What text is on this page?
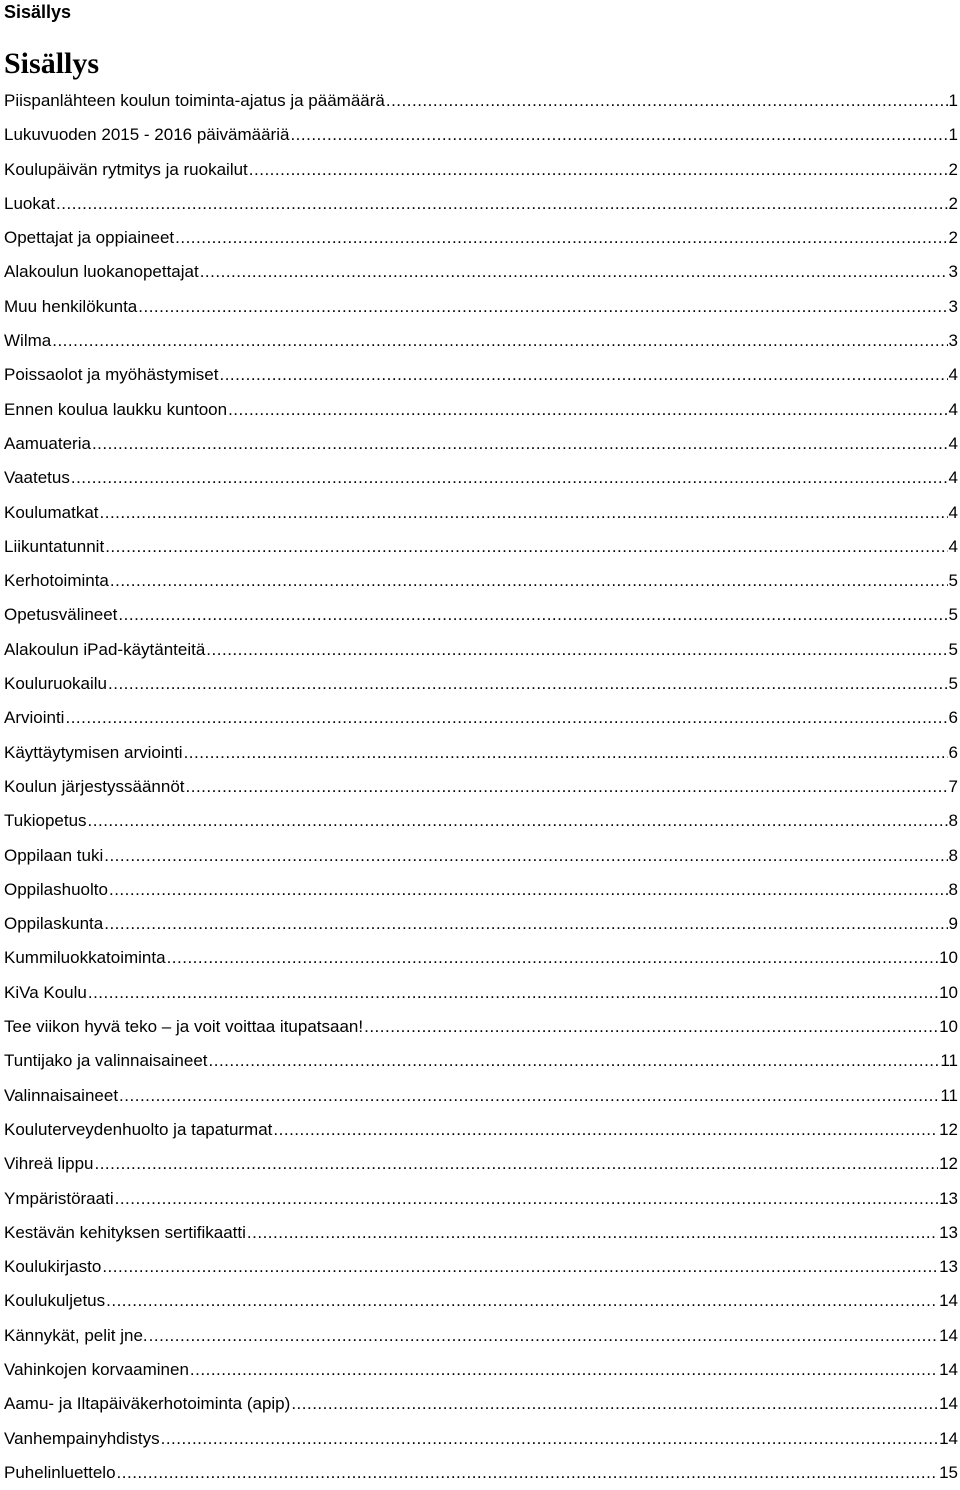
Sisällys
Sisällys
Piispanlähteen koulun toiminta-ajatus ja päämäärä .....	1
Lukuvuoden 2015 - 2016 päivämääriä .....	1
Koulupäivän rytmitys ja ruokailut .....	2
Luokat .....	2
Opettajat ja oppiaineet .....	2
Alakoulun luokanopettajat .....	3
Muu henkilökunta .....	3
Wilma .....	3
Poissaolot ja myöhästymiset .....	4
Ennen koulua laukku kuntoon .....	4
Aamuateria .....	4
Vaatetus .....	4
Koulumatkat .....	4
Liikuntatunnit .....	4
Kerhotoiminta .....	5
Opetusvälineet .....	5
Alakoulun iPad-käytänteitä .....	5
Kouluruokailu .....	5
Arviointi .....	6
Käyttäytymisen arviointi .....	6
Koulun järjestyssäännöt .....	7
Tukiopetus .....	8
Oppilaan tuki .....	8
Oppilashuolto .....	8
Oppilaskunta .....	9
Kummiluokkatoiminta .....	10
KiVa Koulu .....	10
Tee viikon hyvä teko – ja voit voittaa itupatsaan! .....	10
Tuntijako ja valinnaisaineet .....	11
Valinnaisaineet .....	11
Kouluterveydenhuolto ja tapaturmat .....	12
Vihreä lippu .....	12
Ympäristöraati .....	13
Kestävän kehityksen sertifikaatti .....	13
Koulukirjasto .....	13
Koulukuljetus .....	14
Kännykät, pelit jne. .....	14
Vahinkojen korvaaminen .....	14
Aamu- ja Iltapäiväkerhotoiminta (apip) .....	14
Vanhempainyhdistys .....	14
Puhelinluettelo .....	15
